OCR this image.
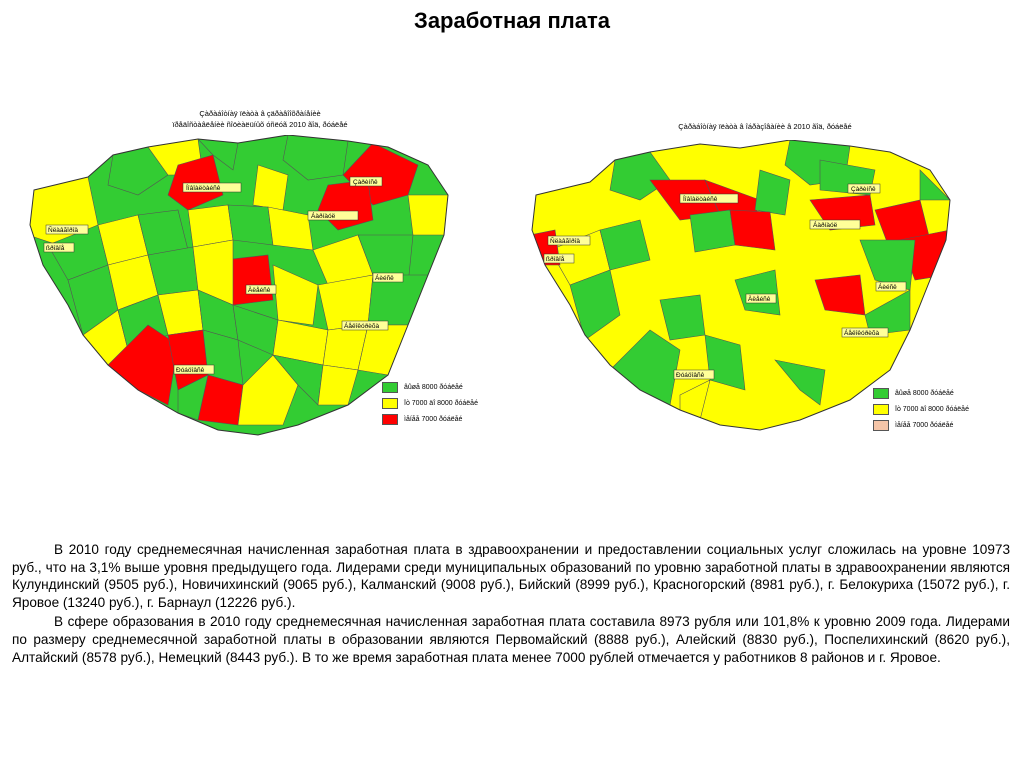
Заработная плата
Çàðàáîòíàÿ ïëàòà â çäðàâîîõðàíåíèè
ïðåäîñòàâëåíèè ñîöèàëüíûõ óñëóã 2010 ãîä, ðóáëåé
Íîâîàëòàéñê
Çàðèíñê
Ñëàâãîðîä
ßðîâîå
Áàðíàóë
Àëåéñê
Áèéñê
Áåëîêóðèõà
Ðóáöîâñê
âûøå 8000 ðóáëåé
îò 7000 äî 8000 ðóáëåé
ìåíåå 7000 ðóáëåé
Çàðàáîòíàÿ ïëàòà â îáðàçîâàíèè â 2010 ãîä, ðóáëåé
Íîâîàëòàéñê
Çàðèíñê
Ñëàâãîðîä
ßðîâîå
Áàðíàóë
Àëåéñê
Áèéñê
Áåëîêóðèõà
Ðóáöîâñê
âûøå 8000 ðóáëåé
îò 7000 äî 8000 ðóáëåé
ìåíåå 7000 ðóáëåé

В 2010 году среднемесячная начисленная заработная плата в здравоохранении и предоставлении социальных услуг сложилась на уровне 10973 руб., что на 3,1% выше уровня предыдущего года. Лидерами среди муниципальных образований по уровню заработной платы в здравоохранении являются Кулундинский (9505 руб.), Новичихинский (9065 руб.), Калманский (9008 руб.), Бийский (8999 руб.), Красногорский (8981 руб.), г. Белокуриха (15072 руб.), г. Яровое (13240 руб.), г. Барнаул (12226 руб.).

В сфере образования в 2010 году среднемесячная начисленная заработная плата составила 8973 рубля или 101,8% к уровню 2009 года. Лидерами по размеру среднемесячной заработной платы в образовании являются Первомайский (8888 руб.), Алейский (8830 руб.), Поспелихинский (8620 руб.), Алтайский (8578 руб.), Немецкий (8443 руб.). В то же время заработная плата менее 7000 рублей отмечается у работников 8 районов и г. Яровое.
